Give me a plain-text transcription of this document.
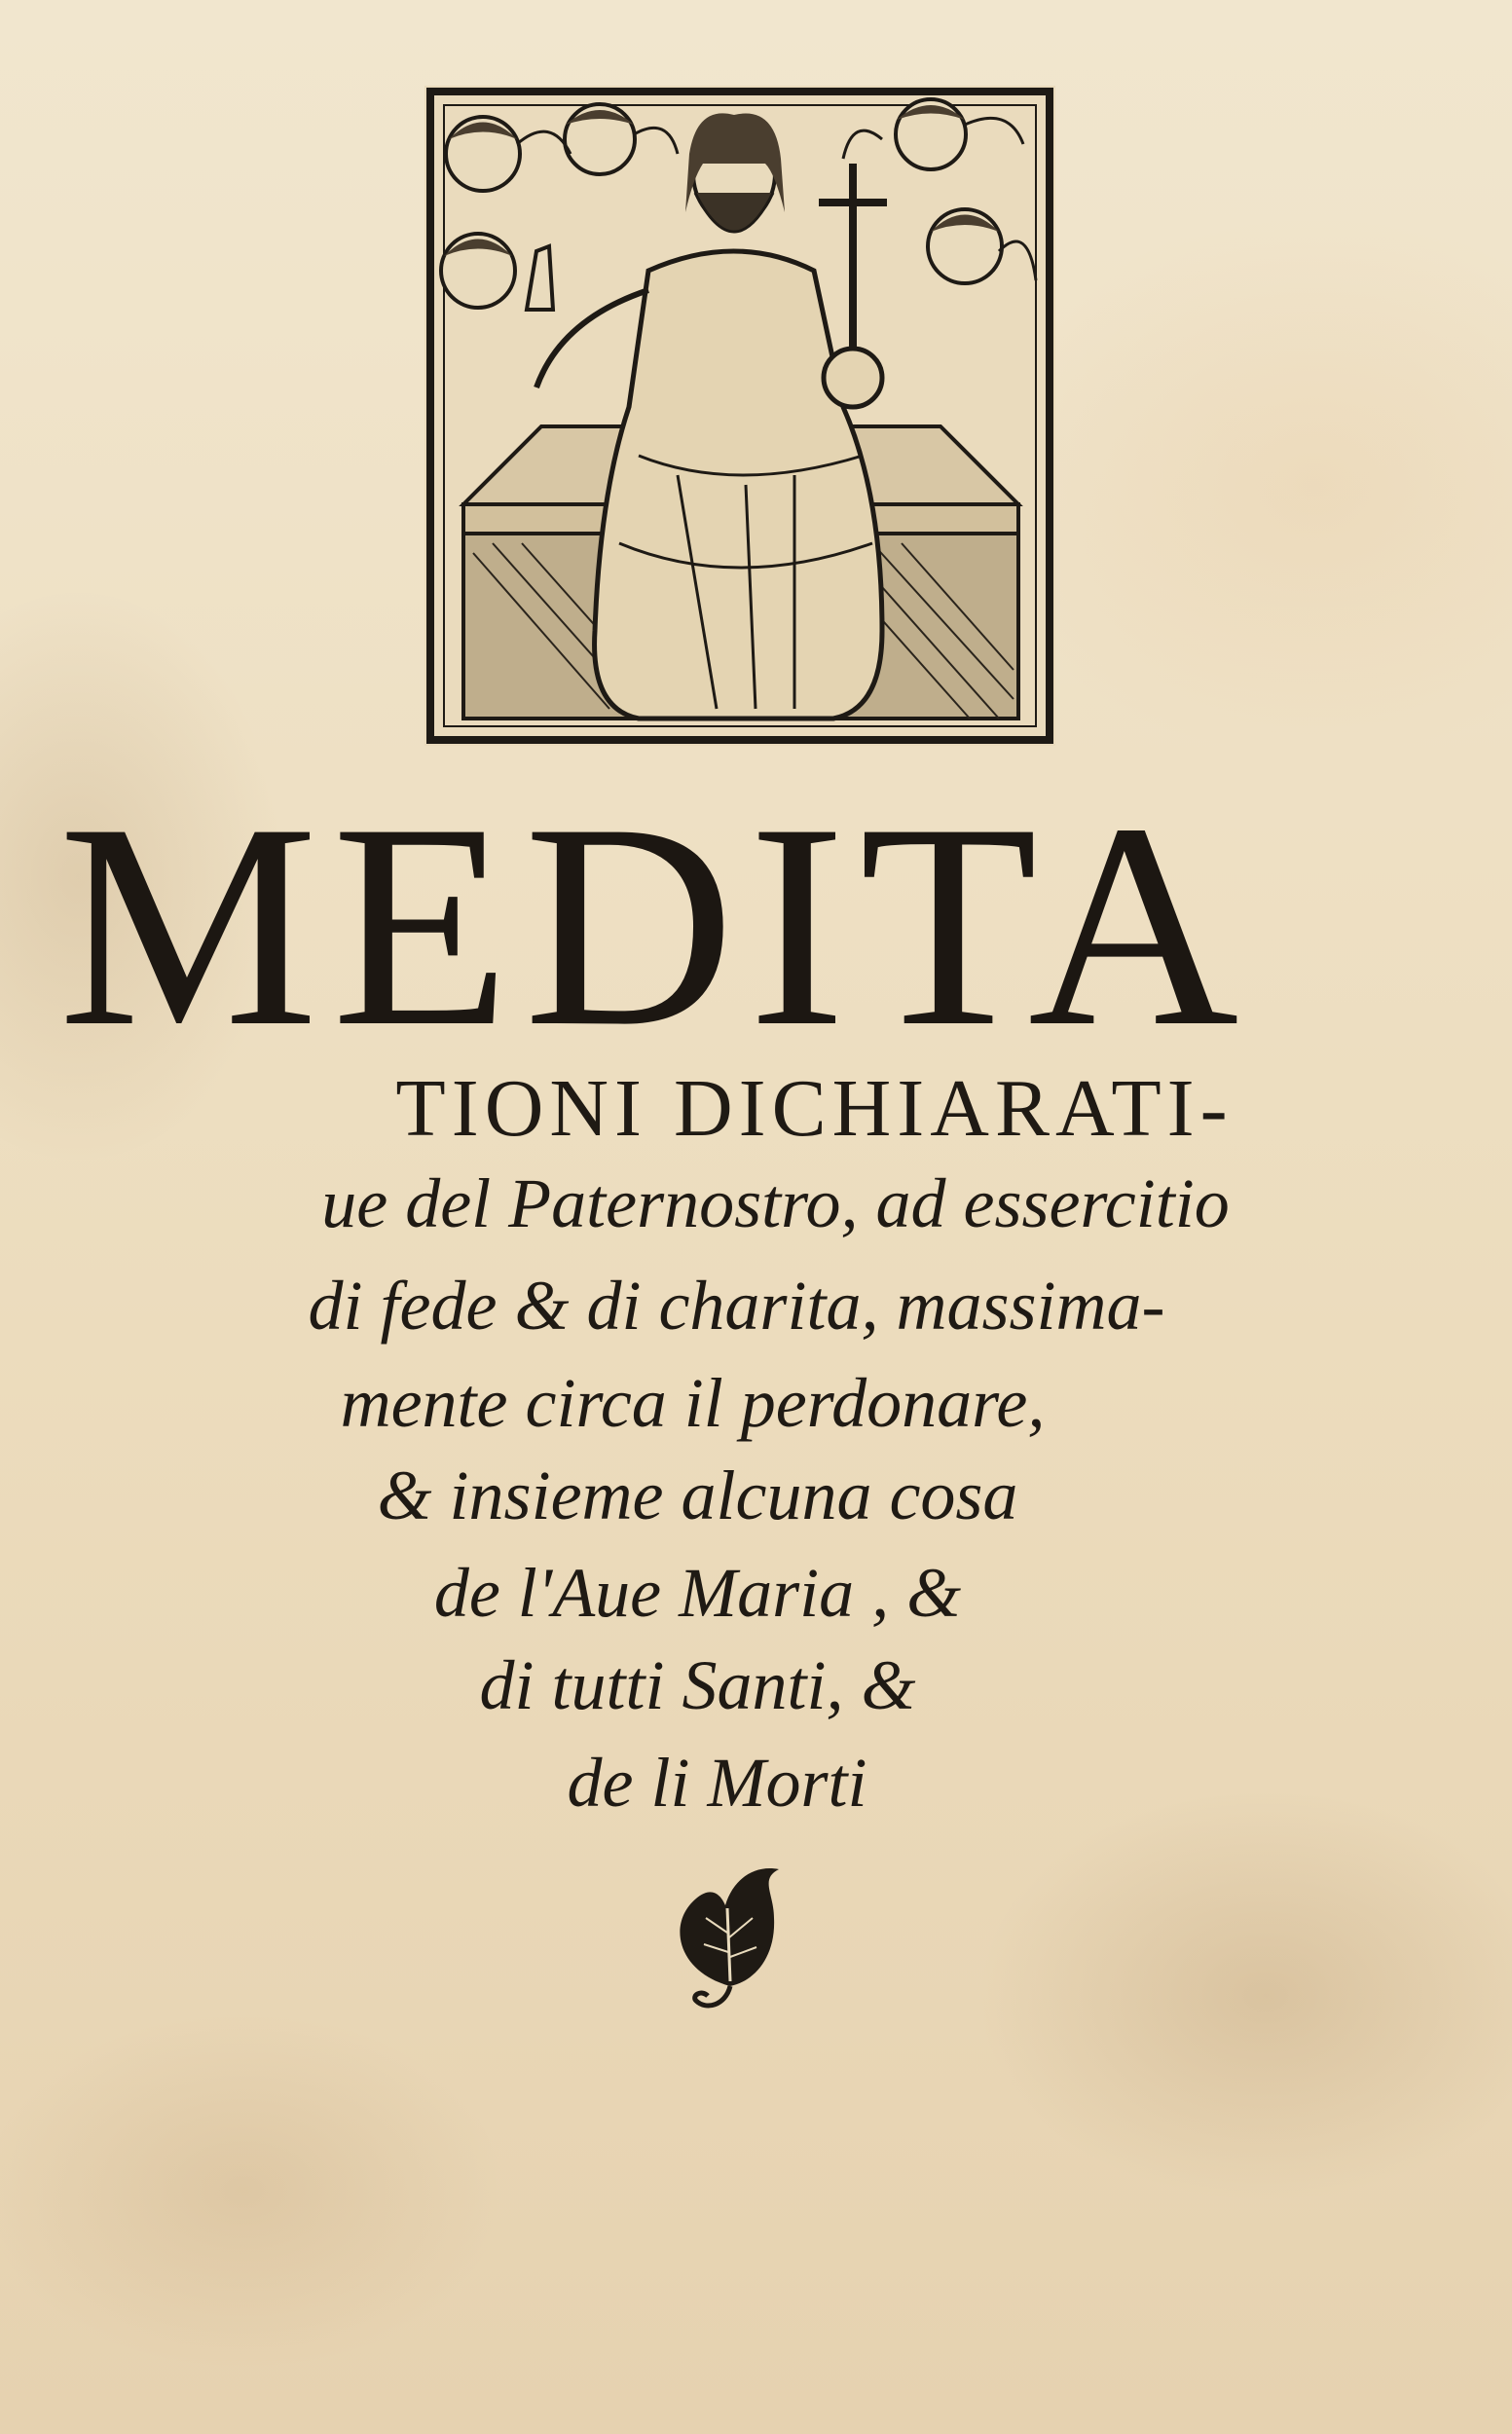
MEDITA
TIONI DICHIARATI-
ue del Paternostro, ad essercitio
di fede & di charita, massima-
mente circa il perdonare,
& insieme alcuna cosa
de l'Aue Maria , &
di tutti Santi, &
de li Morti
